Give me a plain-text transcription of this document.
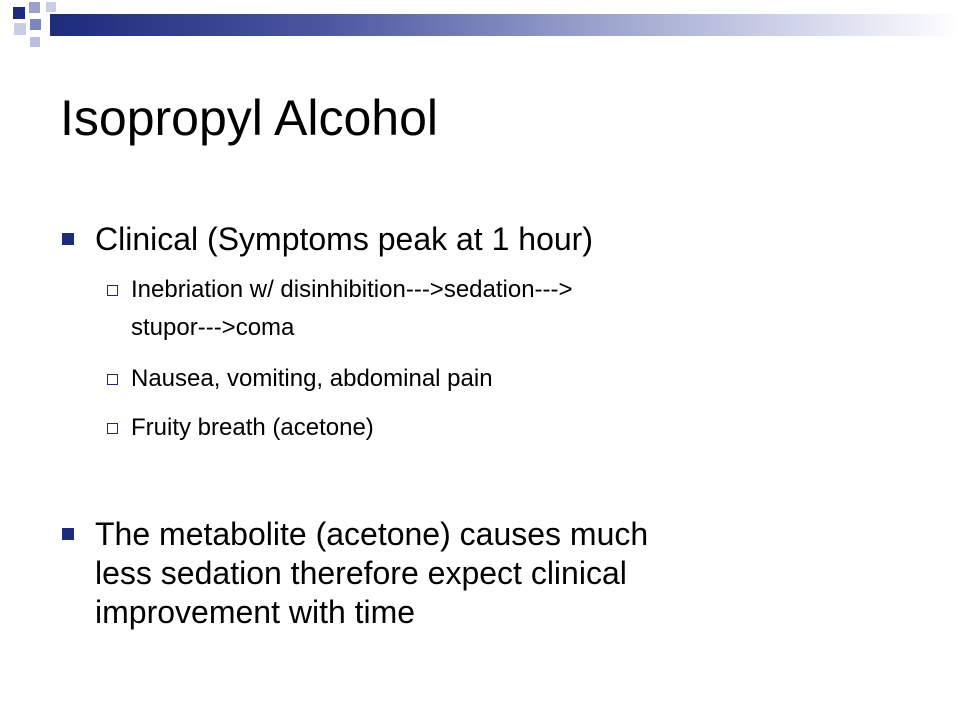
Isopropyl Alcohol
Clinical (Symptoms peak at 1 hour)
Inebriation w/ disinhibition--->sedation--->
stupor--->coma
Nausea, vomiting, abdominal pain
Fruity breath (acetone)
The metabolite (acetone) causes much
less sedation therefore expect clinical
improvement with time
